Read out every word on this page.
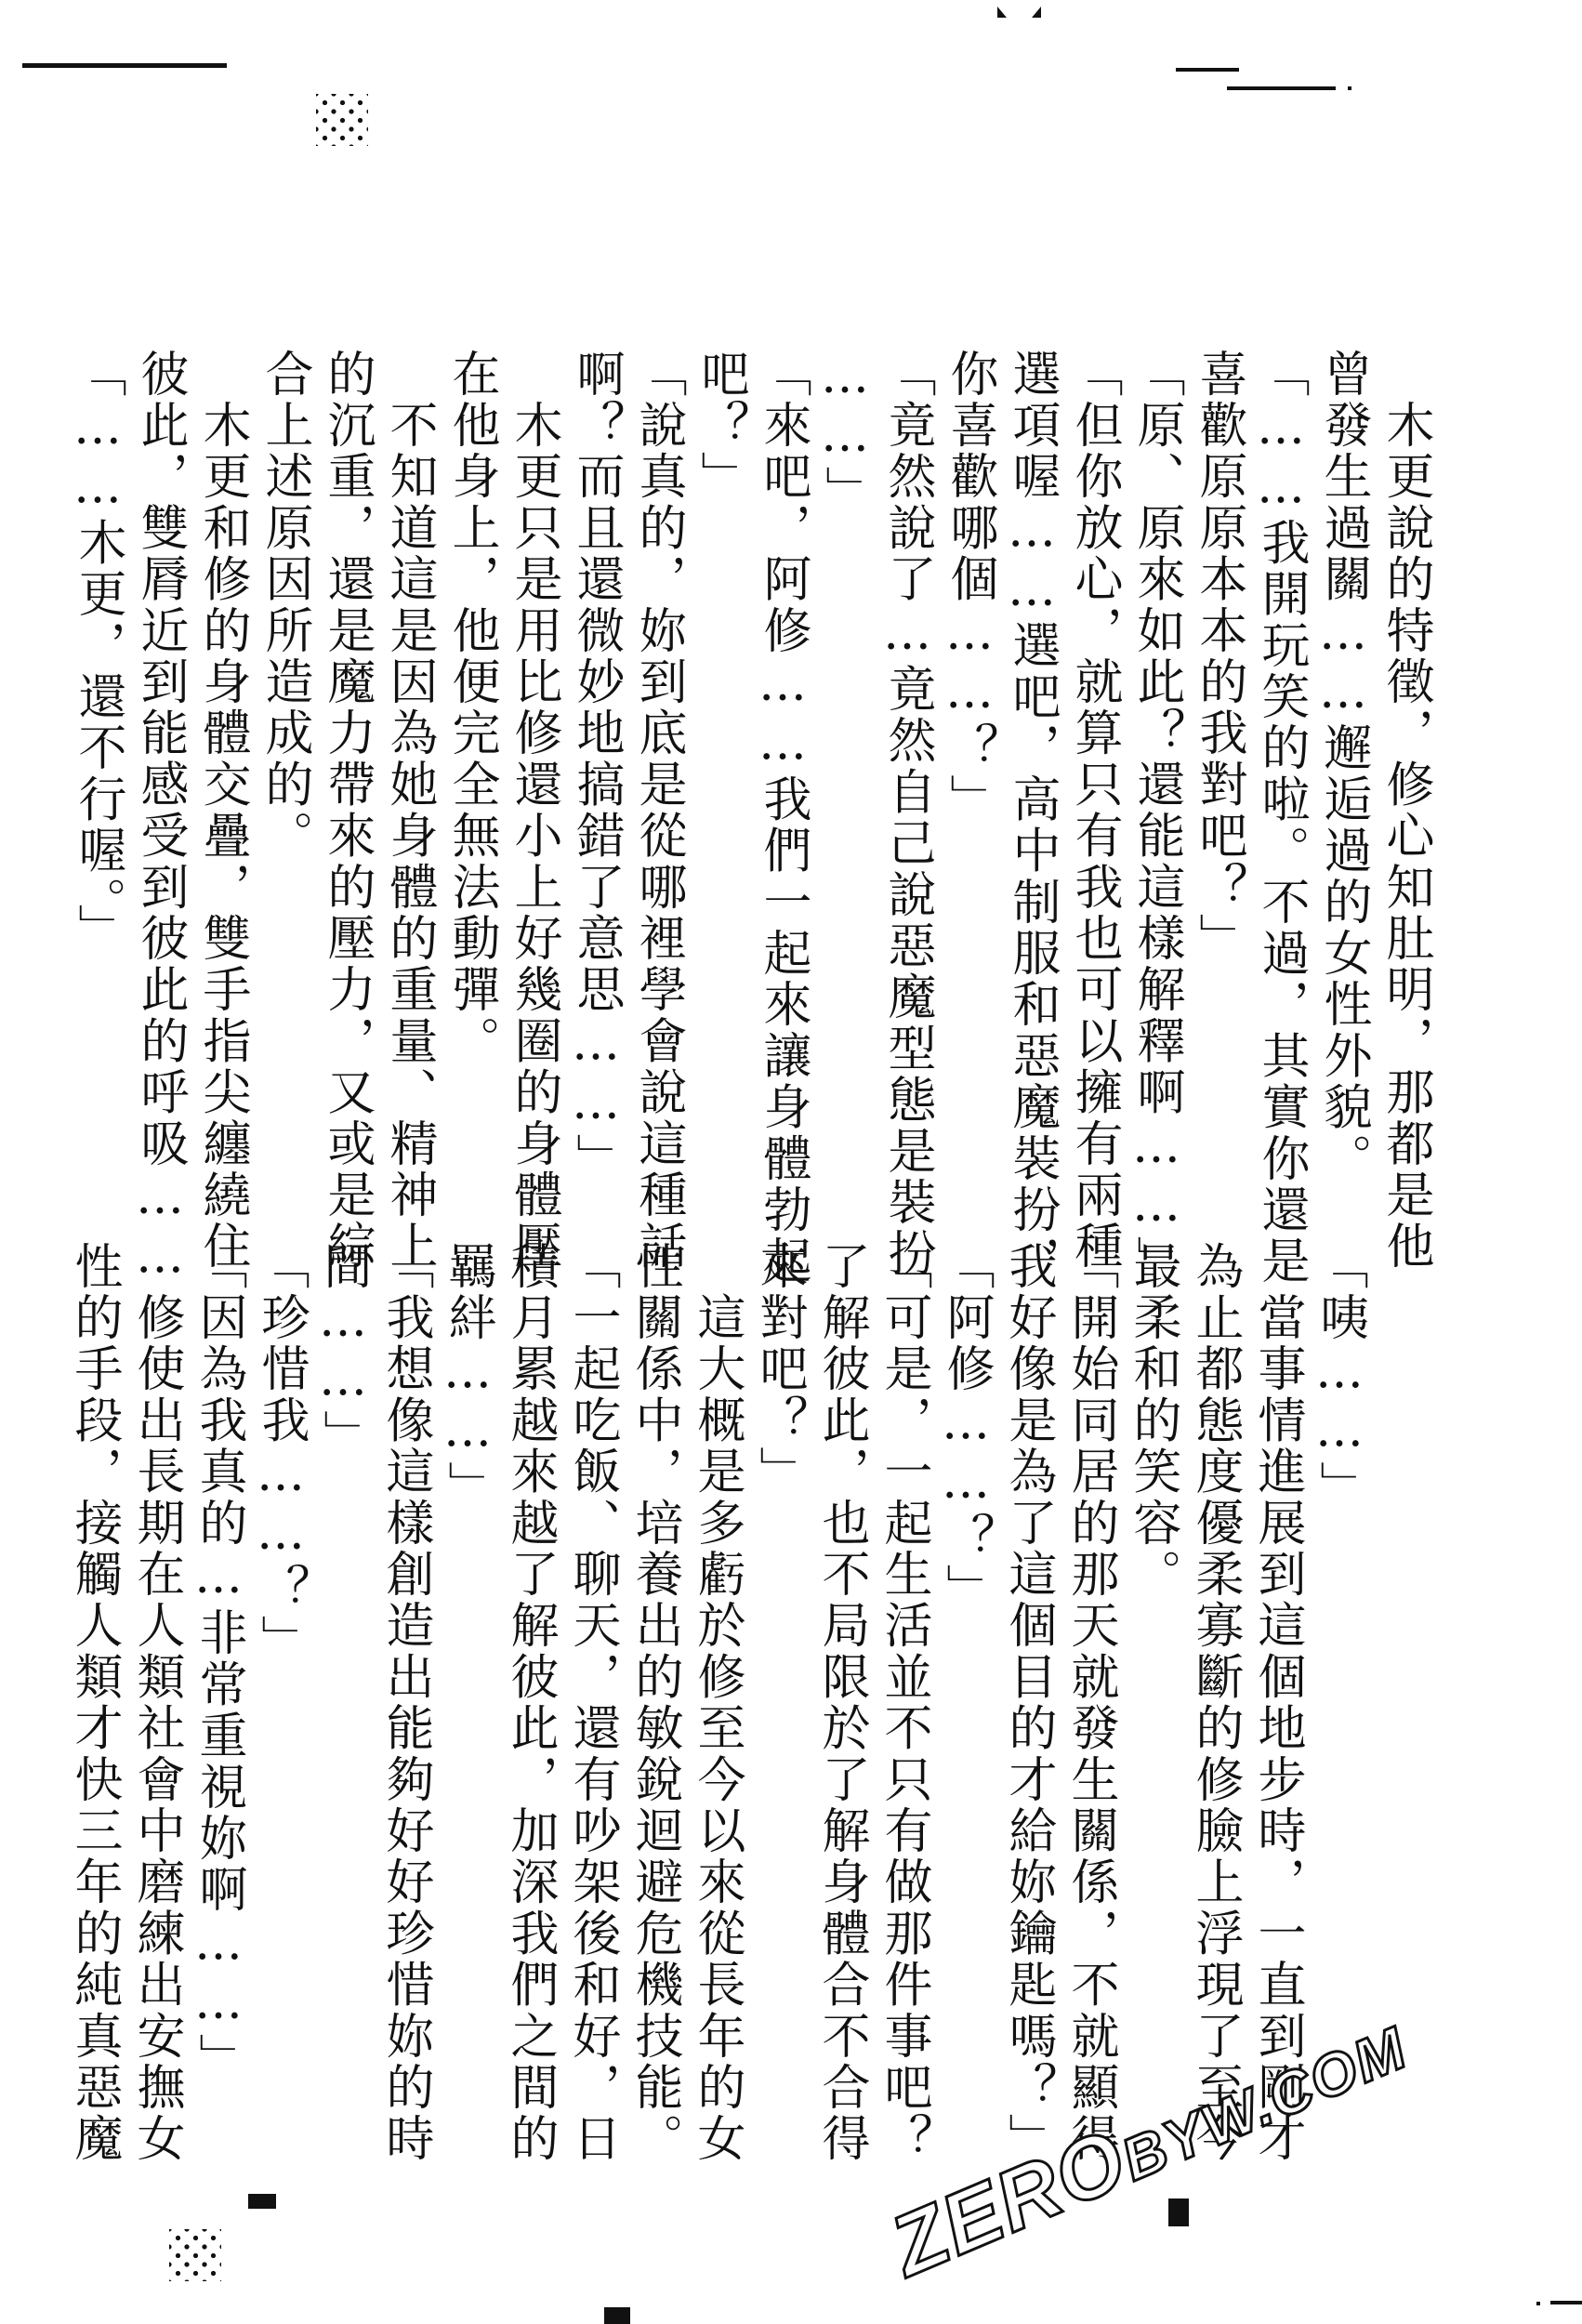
　木更說的特徵，修心知肚明，那都是他

曾發生過關……邂逅過的女性外貌。

「……我開玩笑的啦。不過，其實你還是

喜歡原原本本的我對吧？」

「原、原來如此？還能這樣解釋啊……」

「但你放心，就算只有我也可以擁有兩種

選項喔……選吧，高中制服和惡魔裝扮，

你喜歡哪個……？」

「竟然說了…竟然自己說惡魔型態是裝扮

……」

「來吧，阿修……我們一起來讓身體勃起

吧？」

「說真的，妳到底是從哪裡學會說這種話

啊？而且還微妙地搞錯了意思……」

　木更只是用比修還小上好幾圈的身體壓

在他身上，他便完全無法動彈。

　不知道這是因為她身體的重量、精神上

的沉重，還是魔力帶來的壓力，又或是綜

合上述原因所造成的。

　木更和修的身體交疊，雙手指尖纏繞住

彼此，雙脣近到能感受到彼此的呼吸……

「……木更，還不行喔。」

「咦……」

　當事情進展到這個地步時，一直到剛才

為止都態度優柔寡斷的修臉上浮現了至今

最柔和的笑容。

「開始同居的那天就發生關係，不就顯得

我好像是為了這個目的才給妳鑰匙嗎？」

「阿修……？」

「可是，一起生活並不只有做那件事吧？

了解彼此，也不局限於了解身體合不合得

來對吧？」

　這大概是多虧於修至今以來從長年的女

性關係中，培養出的敏銳迴避危機技能。

「一起吃飯、聊天，還有吵架後和好，日

積月累越來越了解彼此，加深我們之間的

羈絆……」

「我想像這樣創造出能夠好好珍惜妳的時

間……」

「珍惜我……？」

「因為我真的…非常重視妳啊……」

　修使出長期在人類社會中磨練出安撫女

性的手段，接觸人類才快三年的純真惡魔

ZEROBYW.COM
